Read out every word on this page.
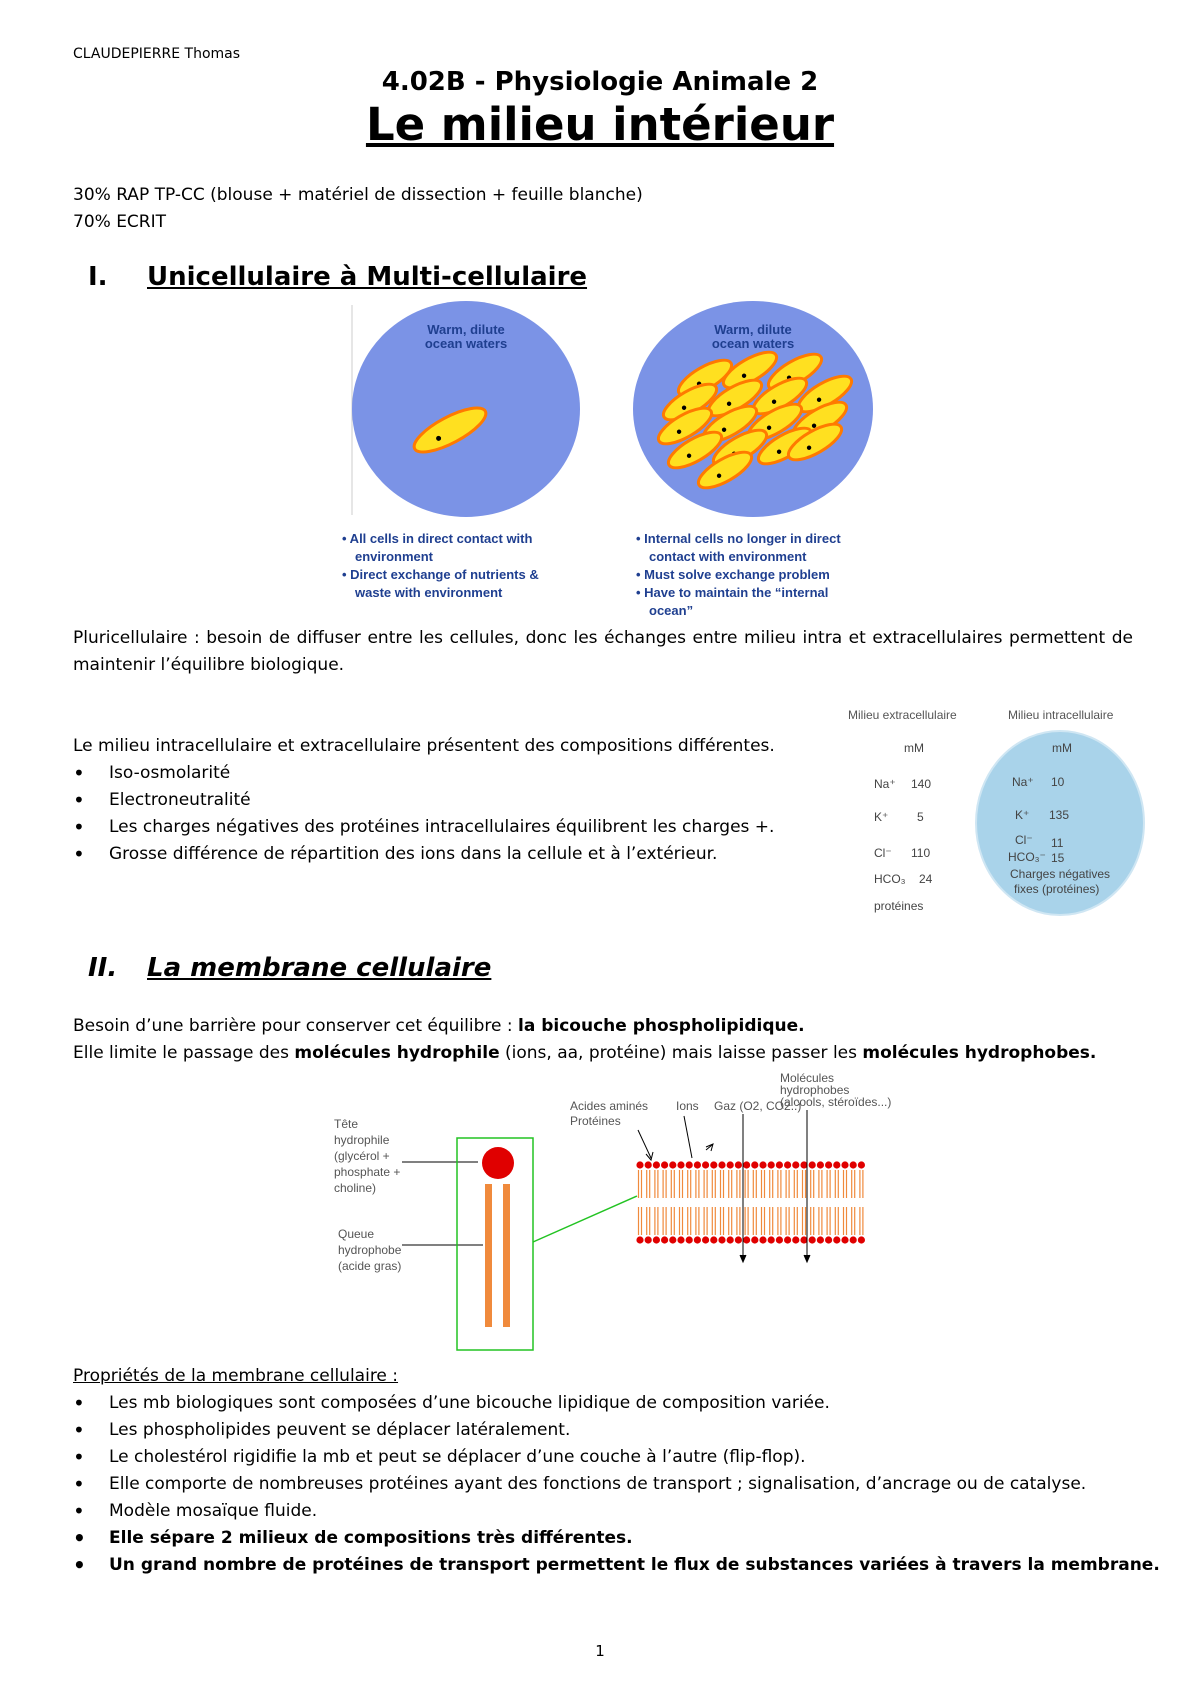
CLAUDEPIERRE Thomas
4.02B - Physiologie Animale 2
Le milieu intérieur
30% RAP TP-CC (blouse + matériel de dissection + feuille blanche)
70% ECRIT
I. Unicellulaire à Multi-cellulaire
Warm, dilute
ocean waters
Warm, dilute
ocean waters
• All cells in direct contact with
environment
• Direct exchange of nutrients &
waste with environment
• Internal cells no longer in direct
contact with environment
• Must solve exchange problem
• Have to maintain the “internal
ocean”
Pluricellulaire : besoin de diffuser entre les cellules, donc les échanges entre milieu intra et extracellulaires permettent de maintenir l’équilibre biologique.
Le milieu intracellulaire et extracellulaire présentent des compositions différentes.
• Iso-osmolarité
• Electroneutralité
• Les charges négatives des protéines intracellulaires équilibrent les charges +.
• Grosse différence de répartition des ions dans la cellule et à l’extérieur.
Milieu extracellulaire	Milieu intracellulaire
mM	mM
Na⁺ 140
K⁺ 5
Cl⁻ 110
HCO₃ 24
protéines
Na⁺ 10
K⁺ 135
Cl⁻ 11
HCO₃⁻ 15
Charges négatives
fixes (protéines)
II. La membrane cellulaire
Besoin d’une barrière pour conserver cet équilibre : la bicouche phospholipidique.
Elle limite le passage des molécules hydrophile (ions, aa, protéine) mais laisse passer les molécules hydrophobes.
Tête
hydrophile
(glycérol +
phosphate +
choline)
Queue
hydrophobe
(acide gras)
Acides aminés
Protéines
Ions Gaz (O2, CO2..)
Molécules
hydrophobes
(alcools, stéroïdes...)
Propriétés de la membrane cellulaire :
• Les mb biologiques sont composées d’une bicouche lipidique de composition variée.
• Les phospholipides peuvent se déplacer latéralement.
• Le cholestérol rigidifie la mb et peut se déplacer d’une couche à l’autre (flip-flop).
• Elle comporte de nombreuses protéines ayant des fonctions de transport ; signalisation, d’ancrage ou de catalyse.
• Modèle mosaïque fluide.
• Elle sépare 2 milieux de compositions très différentes.
• Un grand nombre de protéines de transport permettent le flux de substances variées à travers la membrane.
1
